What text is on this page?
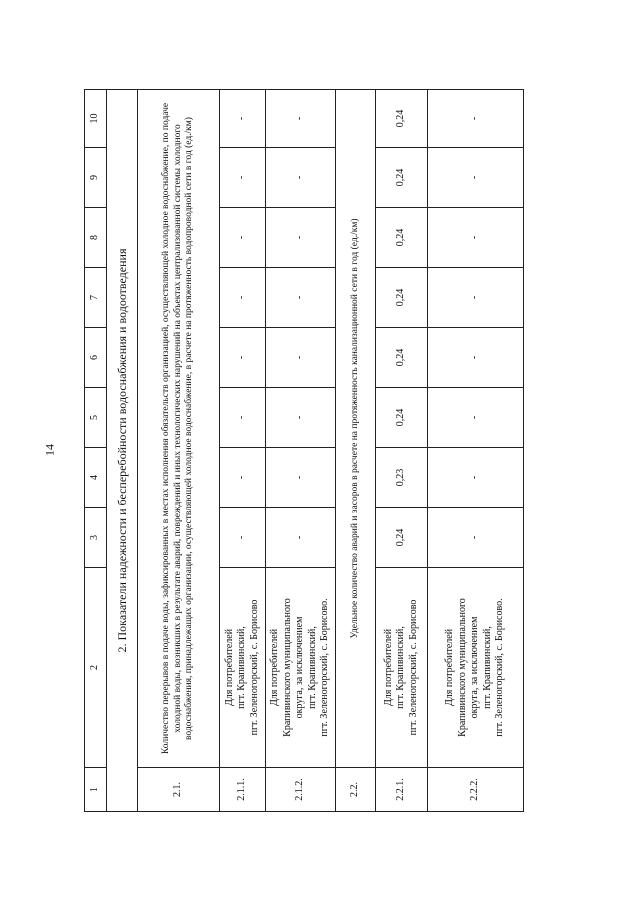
14
1	2	3	4	5	6	7	8	9	10
2. Показатели надежности и бесперебойности водоснабжения и водоотведения									
2.1.	Количество перерывов в подаче воды, зафиксированных в местах исполнения обязательств организацией, осуществляющей холодное водоснабжение, по подаче холодной воды, возникших в результате аварий, повреждений и иных технологических нарушений на объектах централизованной системы холодного водоснабжения, принадлежащих организации, осуществляющей холодное водоснабжение, в расчете на протяженность водопроводной сети в год (ед./км)								
2.1.1.	Для потребителей
пгт. Крапивинский,
пгт. Зеленогорский, с. Борисово	-	-	-	-	-	-	-	-
2.1.2.	Для потребителей
Крапивинского муниципального
округа, за исключением
пгт. Крапивинский,
пгт. Зеленогорский, с. Борисово.	-	-	-	-	-	-	-	-
2.2.	Удельное количество аварий и засоров в расчете на протяженность канализационной сети в год (ед./км)								
2.2.1.	Для потребителей
пгт. Крапивинский,
пгт. Зеленогорский, с. Борисово	0,24	0,23	0,24	0,24	0,24	0,24	0,24	0,24
2.2.2.	Для потребителей
Крапивинского муниципального
округа, за исключением
пгт. Крапивинский,
пгт. Зеленогорский, с. Борисово.	-	-	-	-	-	-	-	-
